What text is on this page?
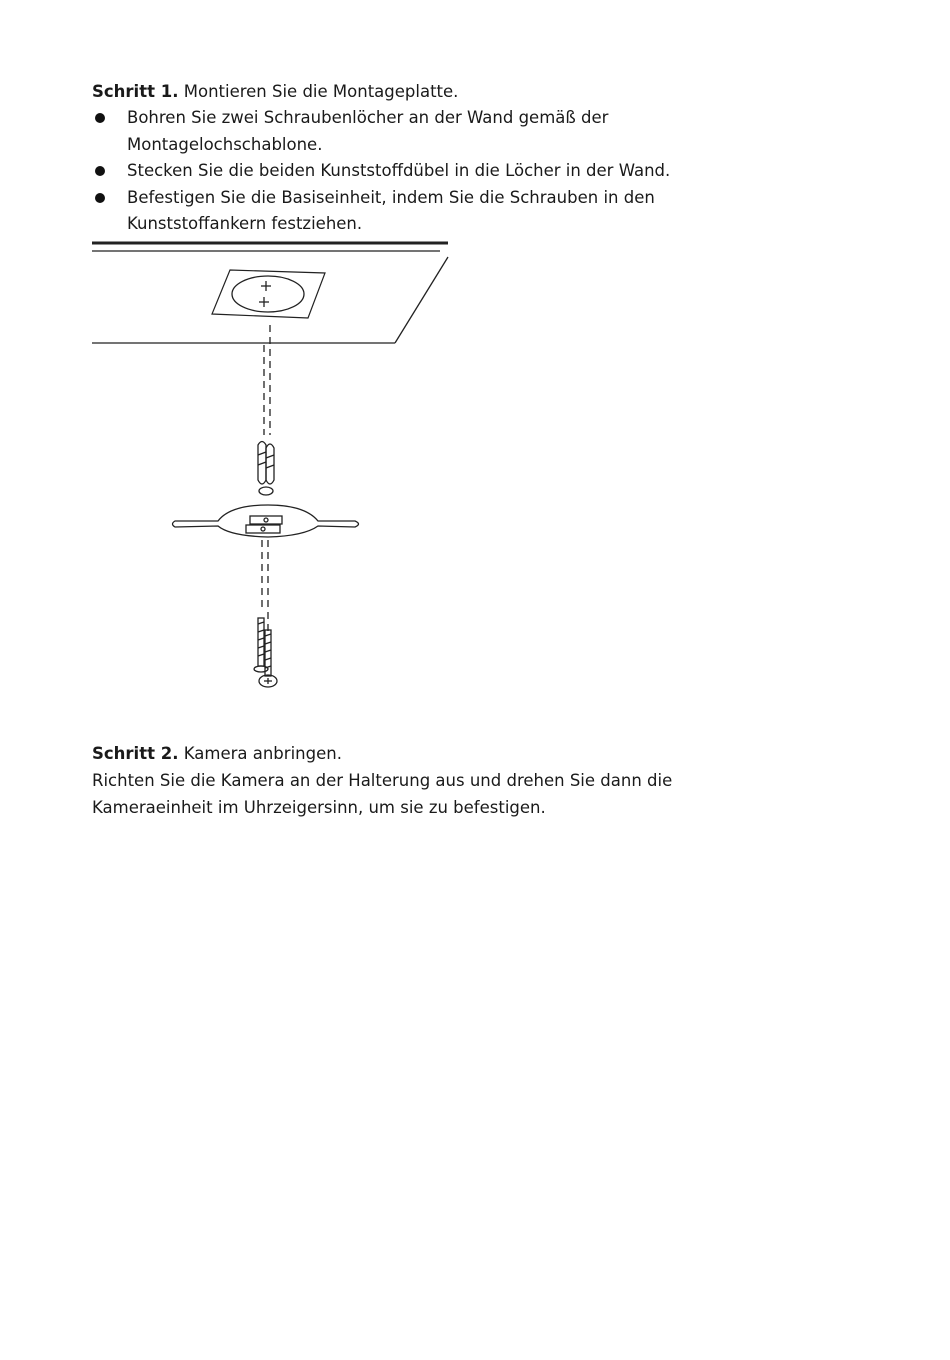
Schritt 1. Montieren Sie die Montageplatte.

Bohren Sie zwei Schraubenlöcher an der Wand gemäß der Montagelochschablone.
Stecken Sie die beiden Kunststoffdübel in die Löcher in der Wand.
Befestigen Sie die Basiseinheit, indem Sie die Schrauben in den Kunststoffankern festziehen.

Schritt 2. Kamera anbringen.

Richten Sie die Kamera an der Halterung aus und drehen Sie dann die Kameraeinheit im Uhrzeigersinn, um sie zu befestigen.
